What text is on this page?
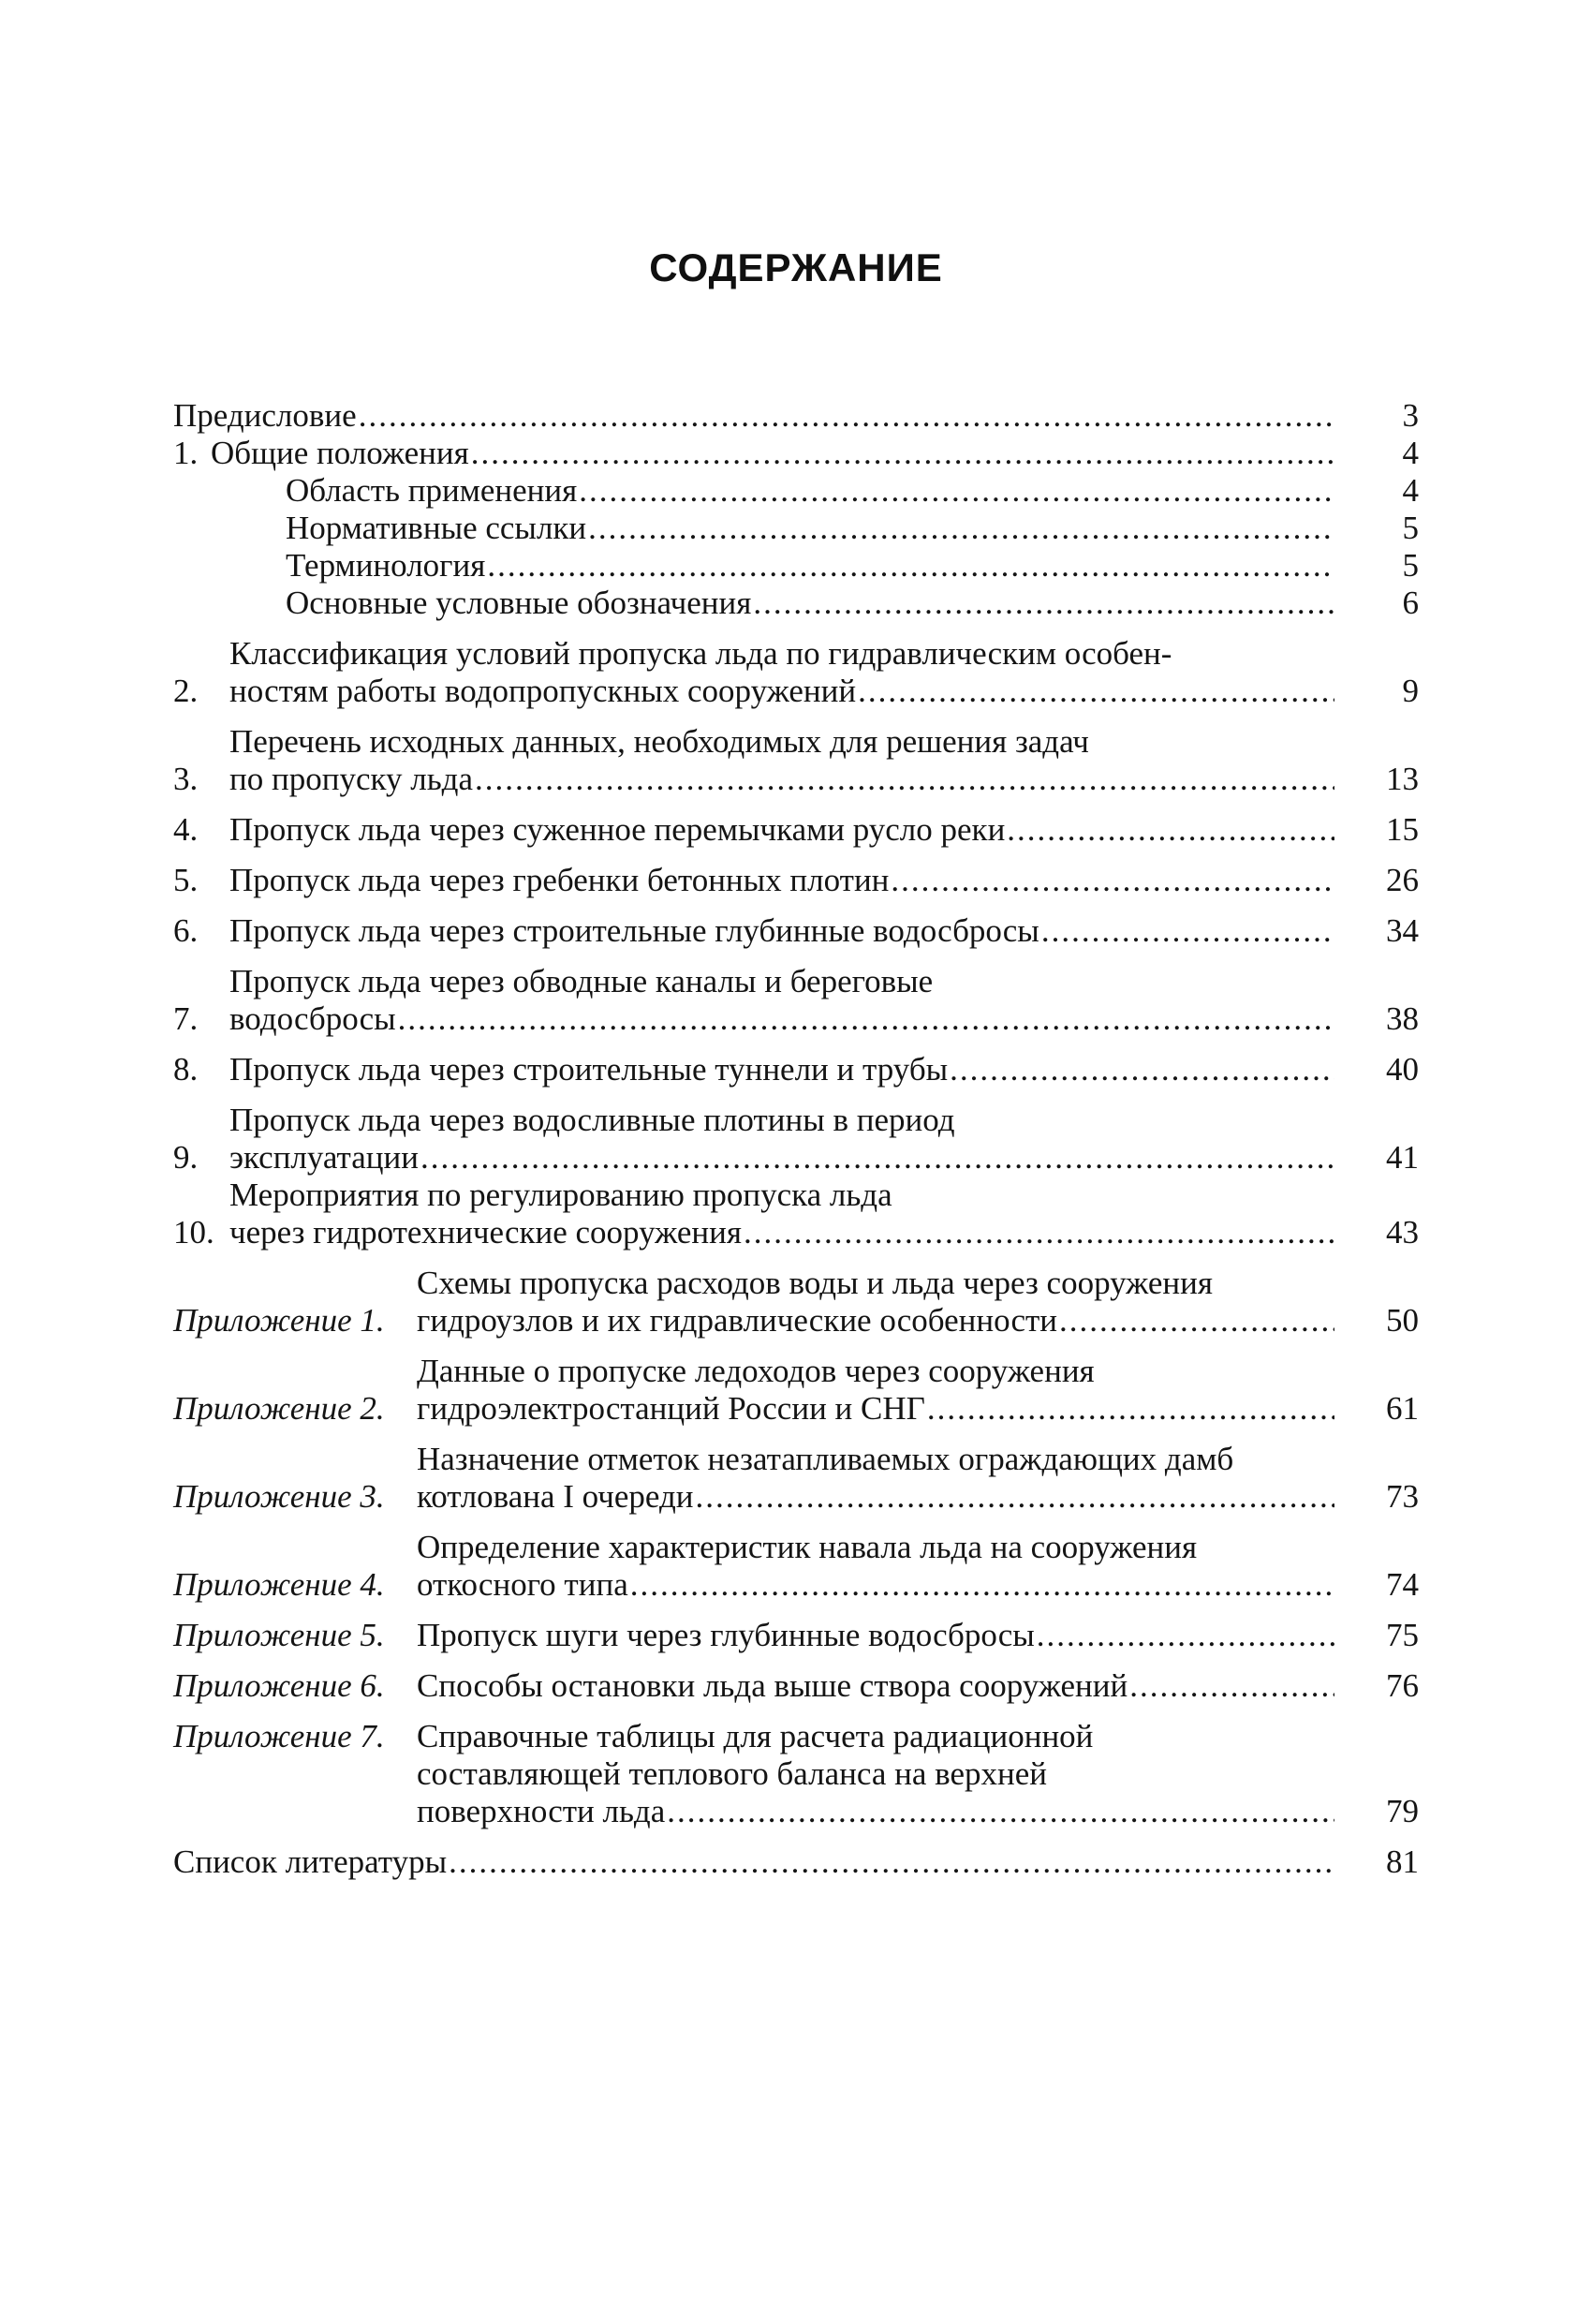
СОДЕРЖАНИЕ
Предисловие .....	3
1. Общие положения .....	4
Область применения .....	4
Нормативные ссылки .....	5
Терминология .....	5
Основные условные обозначения .....	6
2.
Классификация условий пропуска льда по гидравлическим особен-
ностям работы водопропускных сооружений .....	9
3.
Перечень исходных данных, необходимых для решения задач
по пропуску льда .....	13
4. Пропуск льда через суженное перемычками русло реки .....	15
5. Пропуск льда через гребенки бетонных плотин .....	26
6. Пропуск льда через строительные глубинные водосбросы .....	34
7.
Пропуск льда через обводные каналы и береговые
водосбросы .....	38
8. Пропуск льда через строительные туннели и трубы .....	40
9.
Пропуск льда через водосливные плотины в период
эксплуатации .....	41
10.
Мероприятия по регулированию пропуска льда
через гидротехнические сооружения .....	43
Приложение 1.
Схемы пропуска расходов воды и льда через сооружения
гидроузлов и их гидравлические особенности .....	50
Приложение 2.
Данные о пропуске ледоходов через сооружения
гидроэлектростанций России и СНГ .....	61
Приложение 3.
Назначение отметок незатапливаемых ограждающих дамб
котлована I очереди .....	73
Приложение 4.
Определение характеристик навала льда на сооружения
откосного типа .....	74
Приложение 5. Пропуск шуги через глубинные водосбросы .....	75
Приложение 6. Способы остановки льда выше створа сооружений .....	76
Приложение 7. Справочные таблицы для расчета радиационной
составляющей теплового баланса на верхней
поверхности льда .....	79
Список литературы .....	81
